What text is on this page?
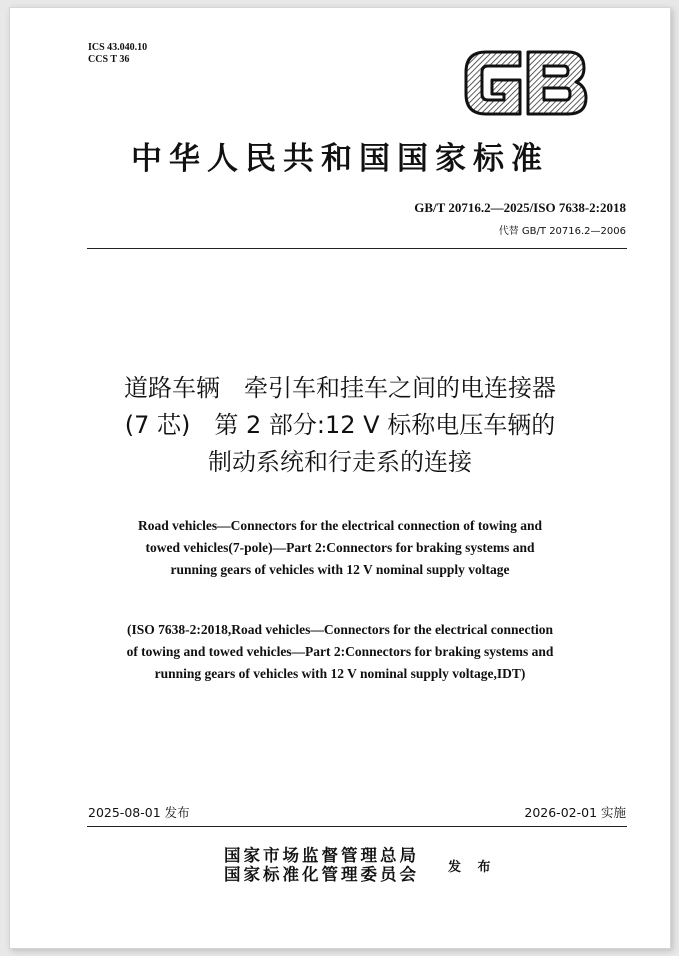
ICS 43.040.10
CCS T 36
中华人民共和国国家标准
GB/T 20716.2—2025/ISO 7638-2:2018
代替 GB/T 20716.2—2006
道路车辆　牵引车和挂车之间的电连接器
(7 芯)　第 2 部分:12 V 标称电压车辆的
制动系统和行走系的连接
Road vehicles—Connectors for the electrical connection of towing and
towed vehicles(7-pole)—Part 2:Connectors for braking systems and
running gears of vehicles with 12 V nominal supply voltage
(ISO 7638-2:2018,Road vehicles—Connectors for the electrical connection
of towing and towed vehicles—Part 2:Connectors for braking systems and
running gears of vehicles with 12 V nominal supply voltage,IDT)
2025-08-01 发布	2026-02-01 实施
国家市场监督管理总局
国家标准化管理委员会 发 布
